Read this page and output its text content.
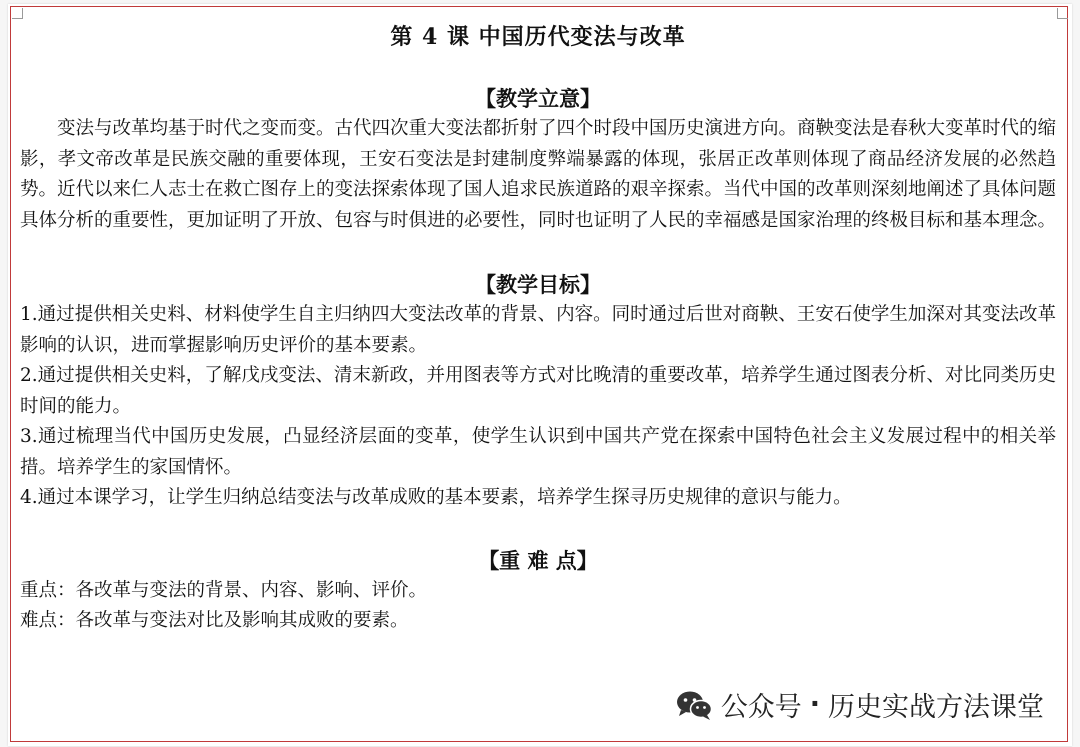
第 4 课 中国历代变法与改革
【教学立意】

变法与改革均基于时代之变而变。古代四次重大变法都折射了四个时段中国历史演进方向。商鞅变法是春秋大变革时代的缩影，孝文帝改革是民族交融的重要体现，王安石变法是封建制度弊端暴露的体现，张居正改革则体现了商品经济发展的必然趋势。近代以来仁人志士在救亡图存上的变法探索体现了国人追求民族道路的艰辛探索。当代中国的改革则深刻地阐述了具体问题具体分析的重要性，更加证明了开放、包容与时俱进的必要性，同时也证明了人民的幸福感是国家治理的终极目标和基本理念。

【教学目标】

1.通过提供相关史料、材料使学生自主归纳四大变法改革的背景、内容。同时通过后世对商鞅、王安石使学生加深对其变法改革影响的认识，进而掌握影响历史评价的基本要素。

2.通过提供相关史料，了解戊戌变法、清末新政，并用图表等方式对比晚清的重要改革，培养学生通过图表分析、对比同类历史时间的能力。

3.通过梳理当代中国历史发展，凸显经济层面的变革，使学生认识到中国共产党在探索中国特色社会主义发展过程中的相关举措。培养学生的家国情怀。

4.通过本课学习，让学生归纳总结变法与改革成败的基本要素，培养学生探寻历史规律的意识与能力。

【重 难 点】

重点：各改革与变法的背景、内容、影响、评价。

难点：各改革与变法对比及影响其成败的要素。

公众号 · 历史实战方法课堂
